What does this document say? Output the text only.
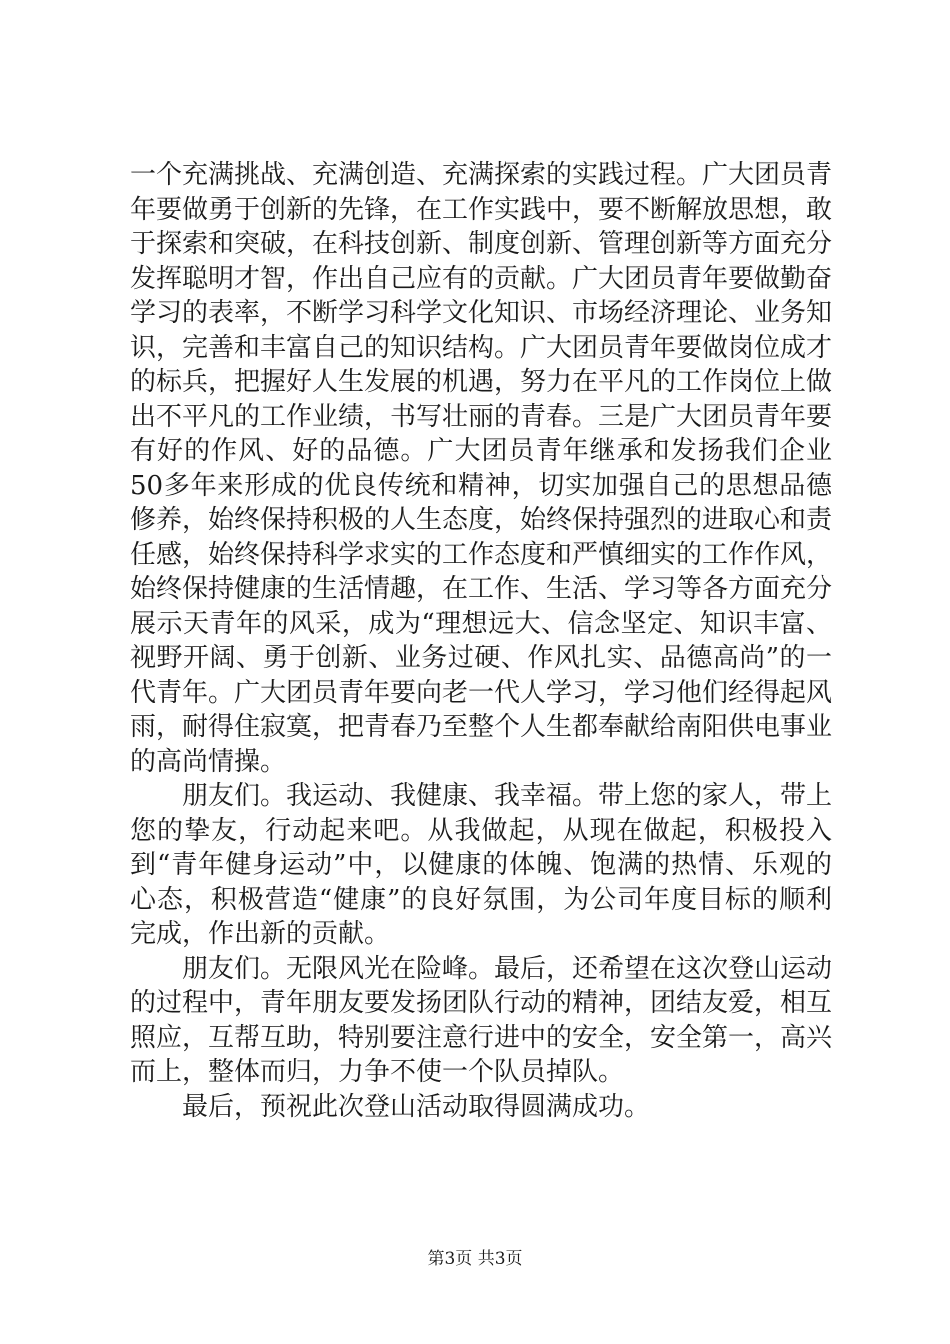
一个充满挑战、充满创造、充满探索的实践过程。广大团员青年要做勇于创新的先锋，在工作实践中，要不断解放思想，敢于探索和突破，在科技创新、制度创新、管理创新等方面充分发挥聪明才智，作出自己应有的贡献。广大团员青年要做勤奋学习的表率，不断学习科学文化知识、市场经济理论、业务知识，完善和丰富自己的知识结构。广大团员青年要做岗位成才的标兵，把握好人生发展的机遇，努力在平凡的工作岗位上做出不平凡的工作业绩，书写壮丽的青春。三是广大团员青年要有好的作风、好的品德。广大团员青年继承和发扬我们企业50多年来形成的优良传统和精神，切实加强自己的思想品德修养，始终保持积极的人生态度，始终保持强烈的进取心和责任感，始终保持科学求实的工作态度和严慎细实的工作作风，始终保持健康的生活情趣，在工作、生活、学习等各方面充分展示天青年的风采，成为“理想远大、信念坚定、知识丰富、视野开阔、勇于创新、业务过硬、作风扎实、品德高尚”的一代青年。广大团员青年要向老一代人学习，学习他们经得起风雨，耐得住寂寞，把青春乃至整个人生都奉献给南阳供电事业的高尚情操。

朋友们。我运动、我健康、我幸福。带上您的家人，带上您的挚友，行动起来吧。从我做起，从现在做起，积极投入到“青年健身运动”中，以健康的体魄、饱满的热情、乐观的心态，积极营造“健康”的良好氛围，为公司年度目标的顺利完成，作出新的贡献。

朋友们。无限风光在险峰。最后，还希望在这次登山运动的过程中，青年朋友要发扬团队行动的精神，团结友爱，相互照应，互帮互助，特别要注意行进中的安全，安全第一，高兴而上，整体而归，力争不使一个队员掉队。

最后，预祝此次登山活动取得圆满成功。

第3页 共3页
